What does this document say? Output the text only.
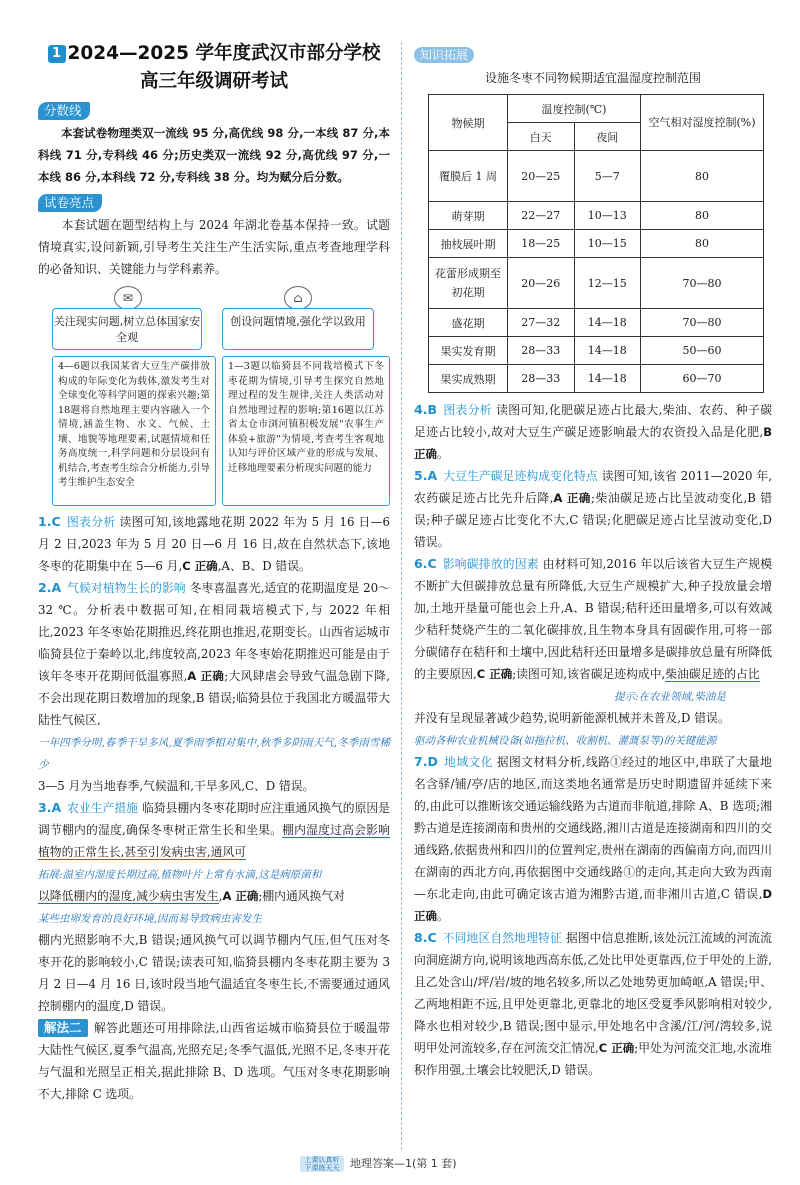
1 2024—2025 学年度武汉市部分学校
高三年级调研考试
分数线

本套试卷物理类双一流线 95 分,高优线 98 分,一本线 87 分,本科线 71 分,专科线 46 分;历史类双一流线 92 分,高优线 97 分,一本线 86 分,本科线 72 分,专科线 38 分。均为赋分后分数。

试卷亮点

本套试题在题型结构上与 2024 年湖北卷基本保持一致。试题情境真实,设问新颖,引导考生关注生产生活实际,重点考查地理学科的必备知识、关键能力与学科素养。

✉	⌂
关注现实问题,树立总体国家安全观
创设问题情境,强化学以致用
4—6题以我国某省大豆生产碳排放构成的年际变化为载体,激发考生对全球变化等科学问题的探索兴趣;第18题将自然地理主要内容融入一个情境,涵盖生物、水文、气候、土壤、地貌等地理要素,试题情境和任务高度统一,科学问题和分层设问有机结合,考查考生综合分析能力,引导考生维护生态安全
1—3题以临猗县不同栽培模式下冬枣花期为情境,引导考生探究自然地理过程的发生规律,关注人类活动对自然地理过程的影响;第16题以江苏省太仓市浏河镇积极发展"农事生产体验+旅游"为情境,考查考生客观地认知与评价区域产业的形成与发展、迁移地理要素分析现实问题的能力

1.C 图表分析 读图可知,该地露地花期 2022 年为 5 月 16 日—6 月 2 日,2023 年为 5 月 20 日—6 月 16 日,故在自然状态下,该地冬枣的花期集中在 5—6 月,C 正确,A、B、D 错误。

2.A 气候对植物生长的影响 冬枣喜温喜光,适宜的花期温度是 20～32 ℃。分析表中数据可知,在相同栽培模式下,与 2022 年相比,2023 年冬枣始花期推迟,终花期也推迟,花期变长。山西省运城市临猗县位于秦岭以北,纬度较高,2023 年冬枣始花期推迟可能是由于该年冬枣开花期间低温寡照,A 正确;大风肆虐会导致气温急剧下降,不会出现花期日数增加的现象,B 错误;临猗县位于我国北方暖温带大陆性气候区,
一年四季分明,春季干旱多风,夏季雨季相对集中,秋季多阴雨天气,冬季雨雪稀少
3—5 月为当地春季,气候温和,干旱多风,C、D 错误。

3.A 农业生产措施 临猗县棚内冬枣花期时应注重通风换气的原因是调节棚内的湿度,确保冬枣树正常生长和坐果。棚内湿度过高会影响植物的正常生长,甚至引发病虫害,通风可
拓展:温室内湿度长期过高,植物叶片上常有水滴,这是病原菌和
以降低棚内的湿度,减少病虫害发生,A 正确;棚内通风换气对
某些虫卵发育的良好环境,因而易导致病虫害发生
棚内光照影响不大,B 错误;通风换气可以调节棚内气压,但气压对冬枣开花的影响较小,C 错误;读表可知,临猗县棚内冬枣花期主要为 3 月 2 日—4 月 16 日,该时段当地气温适宜冬枣生长,不需要通过通风控制棚内的温度,D 错误。

解法二 解答此题还可用排除法,山西省运城市临猗县位于暖温带大陆性气候区,夏季气温高,光照充足;冬季气温低,光照不足,冬枣开花与气温和光照呈正相关,据此排除 B、D 选项。气压对冬枣花期影响不大,排除 C 选项。

知识拓展
设施冬枣不同物候期适宜温湿度控制范围
物候期	温度控制(℃)		空气相对湿度控制(%)
	白天	夜间	
覆膜后 1 周	20—25	5—7	80
萌芽期	22—27	10—13	80
抽枝展叶期	18—25	10—15	80
花蕾形成期至初花期	20—26	12—15	70—80
盛花期	27—32	14—18	70—80
果实发育期	28—33	14—18	50—60
果实成熟期	28—33	14—18	60—70

4.B 图表分析 读图可知,化肥碳足迹占比最大,柴油、农药、种子碳足迹占比较小,故对大豆生产碳足迹影响最大的农资投入品是化肥,B 正确。

5.A 大豆生产碳足迹构成变化特点 读图可知,该省 2011—2020 年,农药碳足迹占比先升后降,A 正确;柴油碳足迹占比呈波动变化,B 错误;种子碳足迹占比变化不大,C 错误;化肥碳足迹占比呈波动变化,D 错误。

6.C 影响碳排放的因素 由材料可知,2016 年以后该省大豆生产规模不断扩大但碳排放总量有所降低,大豆生产规模扩大,种子投放量会增加,土地开垦量可能也会上升,A、B 错误;秸秆还田量增多,可以有效减少秸秆焚烧产生的二氧化碳排放,且生物本身具有固碳作用,可将一部分碳储存在秸秆和土壤中,因此秸秆还田量增多是碳排放总量有所降低的主要原因,C 正确;读图可知,该省碳足迹构成中,柴油碳足迹的占比
提示:在农业领域,柴油是
并没有呈现显著减少趋势,说明新能源机械并未普及,D 错误。
驱动各种农业机械设备(如拖拉机、收割机、灌溉泵等)的关键能源

7.D 地域文化 据图文材料分析,线路①经过的地区中,串联了大量地名含驿/铺/亭/店的地区,而这类地名通常是历史时期遗留并延续下来的,由此可以推断该交通运输线路为古道而非航道,排除 A、B 选项;湘黔古道是连接湖南和贵州的交通线路,湘川古道是连接湖南和四川的交通线路,依据贵州和四川的位置判定,贵州在湖南的西偏南方向,而四川在湖南的西北方向,再依据图中交通线路①的走向,其走向大致为西南—东北走向,由此可确定该古道为湘黔古道,而非湘川古道,C 错误,D 正确。

8.C 不同地区自然地理特征 据图中信息推断,该处沅江流域的河流流向洞庭湖方向,说明该地西高东低,乙处比甲处更靠西,位于甲处的上游,且乙处含山/坪/岩/坡的地名较多,所以乙处地势更加崎岖,A 错误;甲、乙两地相距不远,且甲处更靠北,更靠北的地区受夏季风影响相对较少,降水也相对较少,B 错误;图中显示,甲处地名中含溪/江/河/湾较多,说明甲处河流较多,存在河流交汇情况,C 正确;甲处为河流交汇地,水流堆积作用强,土壤会比较肥沃,D 错误。

上课认真听 下课练天天 地理答案—1(第 1 套)
